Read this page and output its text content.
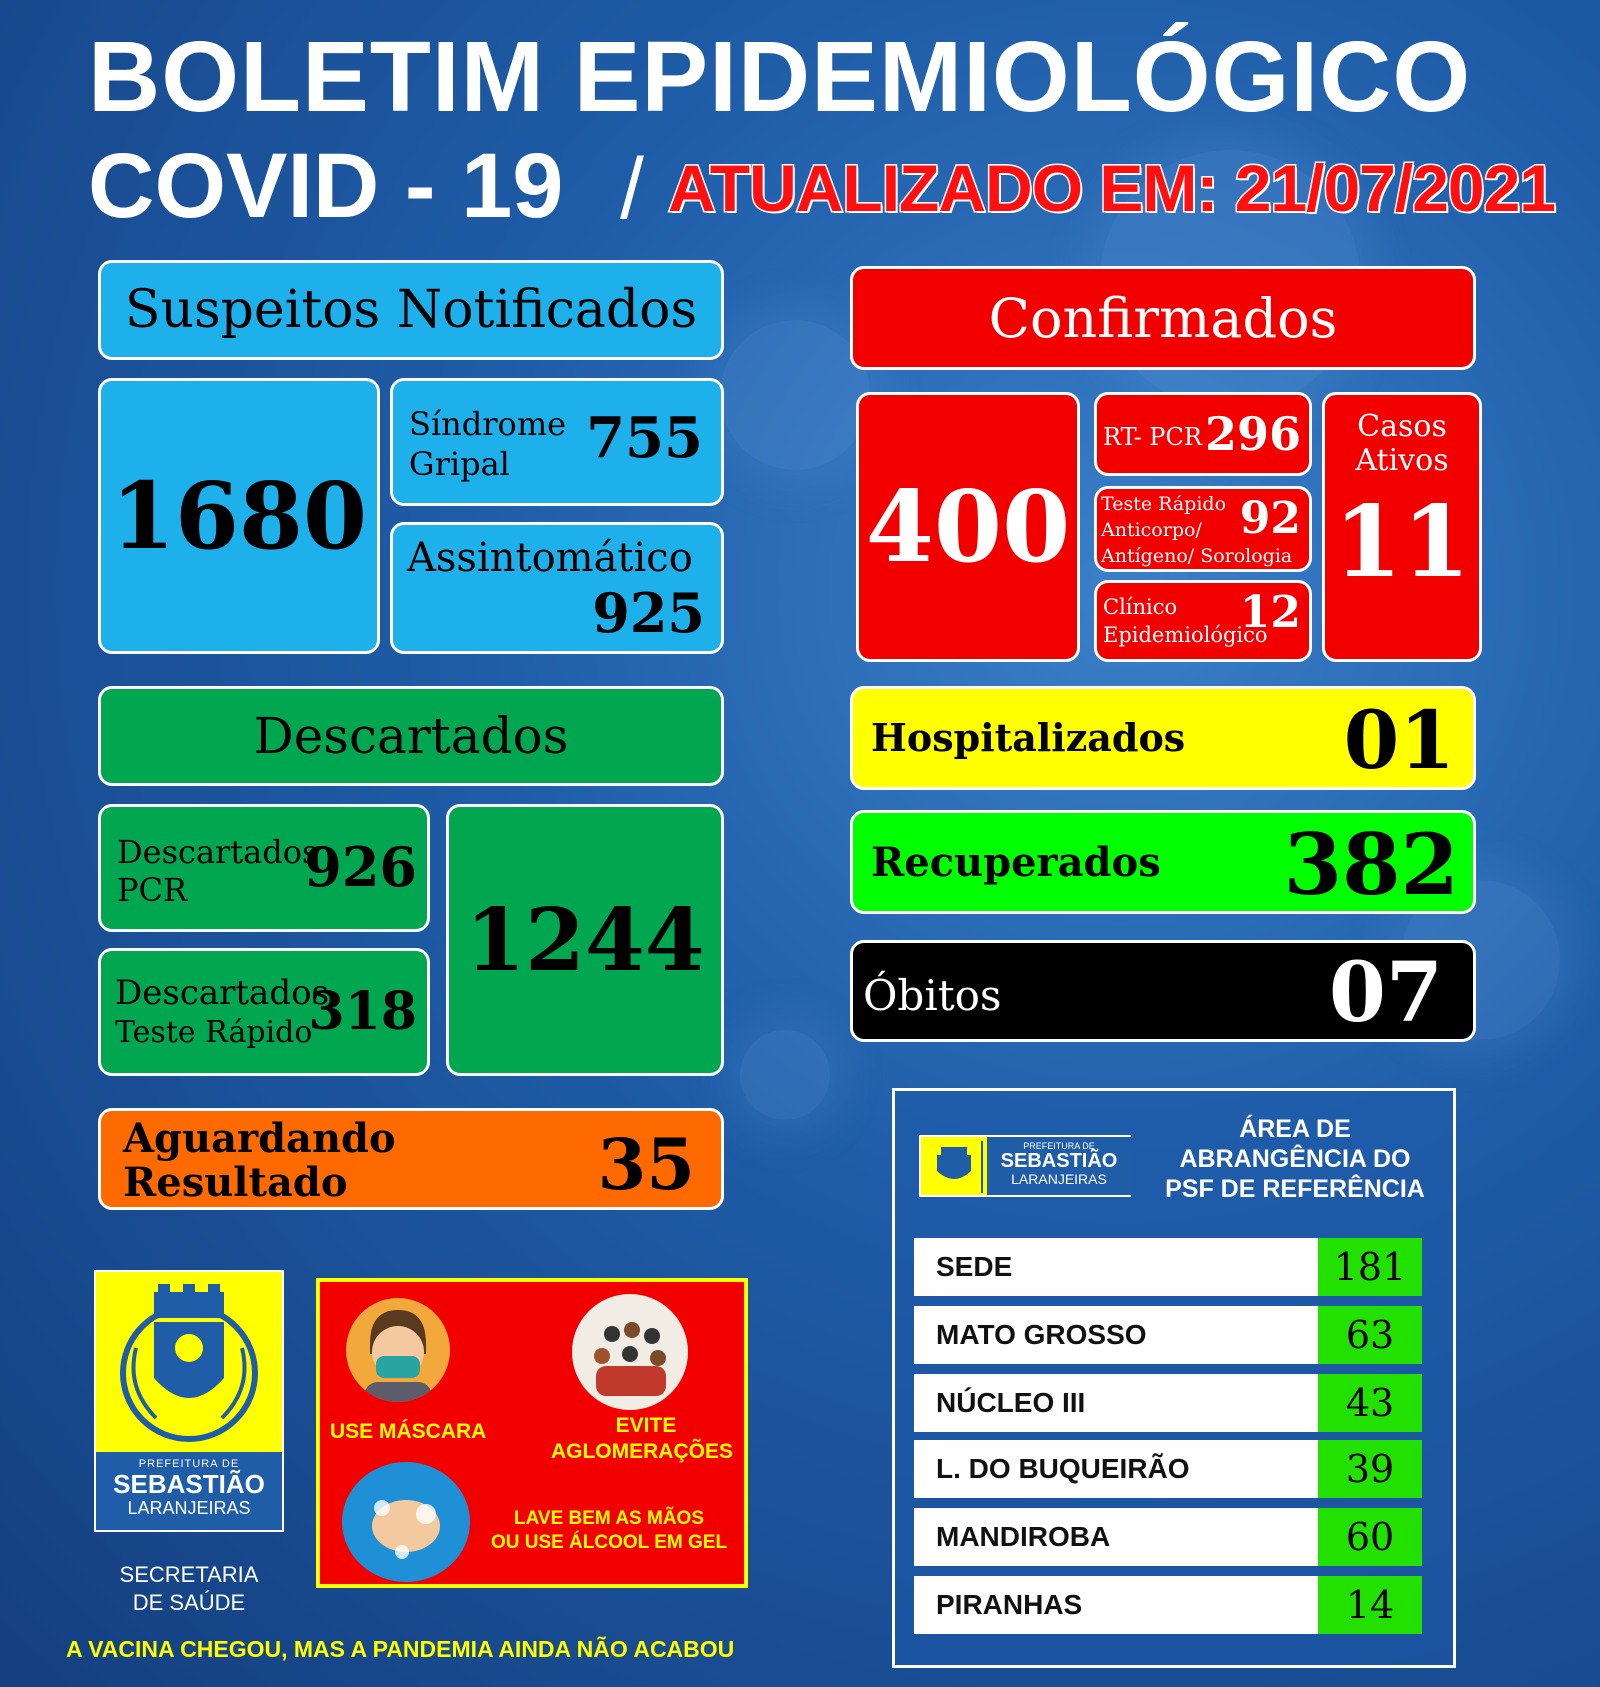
BOLETIM EPIDEMIOLÓGICO
COVID - 19 / ATUALIZADO EM: 21/07/2021
Suspeitos Notificados
1680
Síndrome
Gripal 755
Assintomático
925
Descartados
Descartados
PCR 926
Descartados
Teste Rápido
318
1244
Aguardando
Resultado	35
Confirmados
400
RT- PCR 296
Teste Rápido
Anticorpo/
Antígeno/ Sorologia
92
Clínico
Epidemiológico
12
Casos
Ativos
11
Hospitalizados 01
Recuperados 382
Óbitos	07
PREFEITURA DE
SEBASTIÃO
LARANJEIRAS
ÁREA DE
ABRANGÊNCIA DO
PSF DE REFERÊNCIA
SEDE	181
MATO GROSSO	63
NÚCLEO III	43
L. DO BUQUEIRÃO	39
MANDIROBA	60
PIRANHAS	14
PREFEITURA DE
SEBASTIÃO
LARANJEIRAS
SECRETARIA
DE SAÚDE
USE MÁSCARA	EVITE
AGLOMERAÇÕES
LAVE BEM AS MÃOS
OU USE ÁLCOOL EM GEL
A VACINA CHEGOU, MAS A PANDEMIA AINDA NÃO ACABOU
